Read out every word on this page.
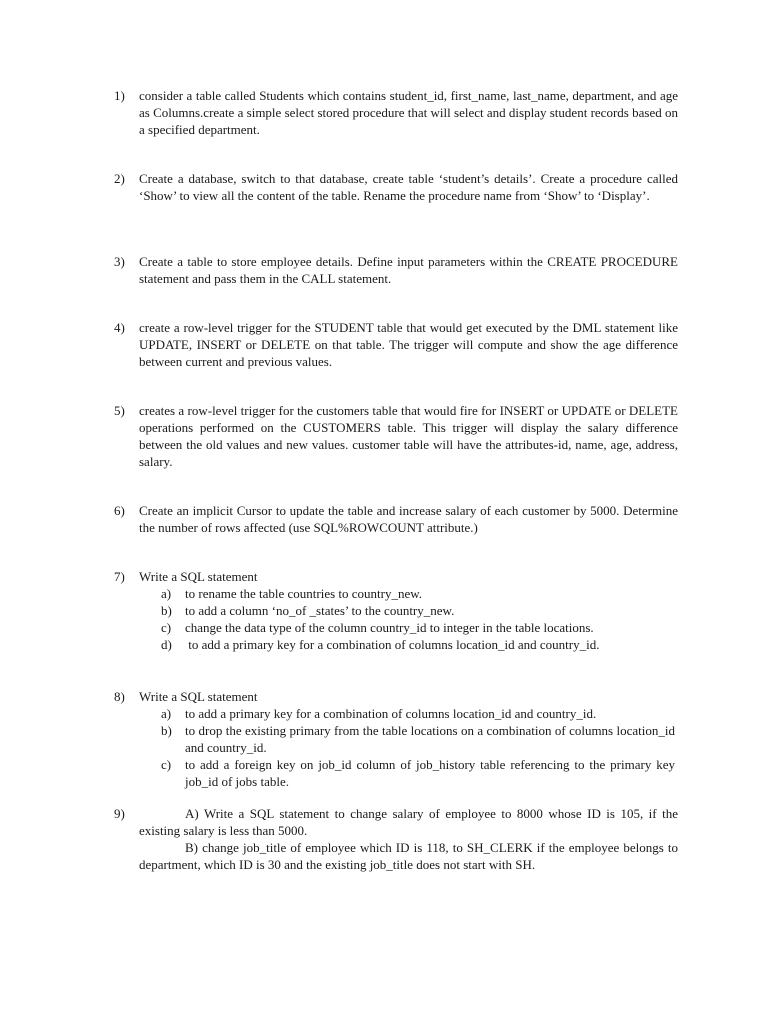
1)	consider a table called Students which contains student_id, first_name, last_name, department, and age as Columns.create a simple select stored procedure that will select and display student records based on a specified department.
2)	Create a database, switch to that database, create table ‘student’s details’. Create a procedure called ‘Show’ to view all the content of the table. Rename the procedure name from ‘Show’ to ‘Display’.
3)	Create a table to store employee details. Define input parameters within the CREATE PROCEDURE statement and pass them in the CALL statement.
4)	create a row-level trigger for the STUDENT table that would get executed by the DML statement like UPDATE, INSERT or DELETE on that table. The trigger will compute and show the age difference between current and previous values.
5)	creates a row-level trigger for the customers table that would fire for INSERT or UPDATE or DELETE operations performed on the CUSTOMERS table. This trigger will display the salary difference between the old values and new values. customer table will have the attributes-id, name, age, address, salary.
6)	Create an implicit Cursor to update the table and increase salary of each customer by 5000. Determine the number of rows affected (use SQL%ROWCOUNT attribute.)
7)	Write a SQL statement
a) to rename the table countries to country_new.
b) to add a column ‘no_of _states’ to the country_new.
c) change the data type of the column country_id to integer in the table locations.
d) to add a primary key for a combination of columns location_id and country_id.
8)	Write a SQL statement
a) to add a primary key for a combination of columns location_id and country_id.
b) to drop the existing primary from the table locations on a combination of columns location_id and country_id.
c) to add a foreign key on job_id column of job_history table referencing to the primary key job_id of jobs table.
9)	A) Write a SQL statement to change salary of employee to 8000 whose ID is 105, if the existing salary is less than 5000.

B) change job_title of employee which ID is 118, to SH_CLERK if the employee belongs to department, which ID is 30 and the existing job_title does not start with SH.
